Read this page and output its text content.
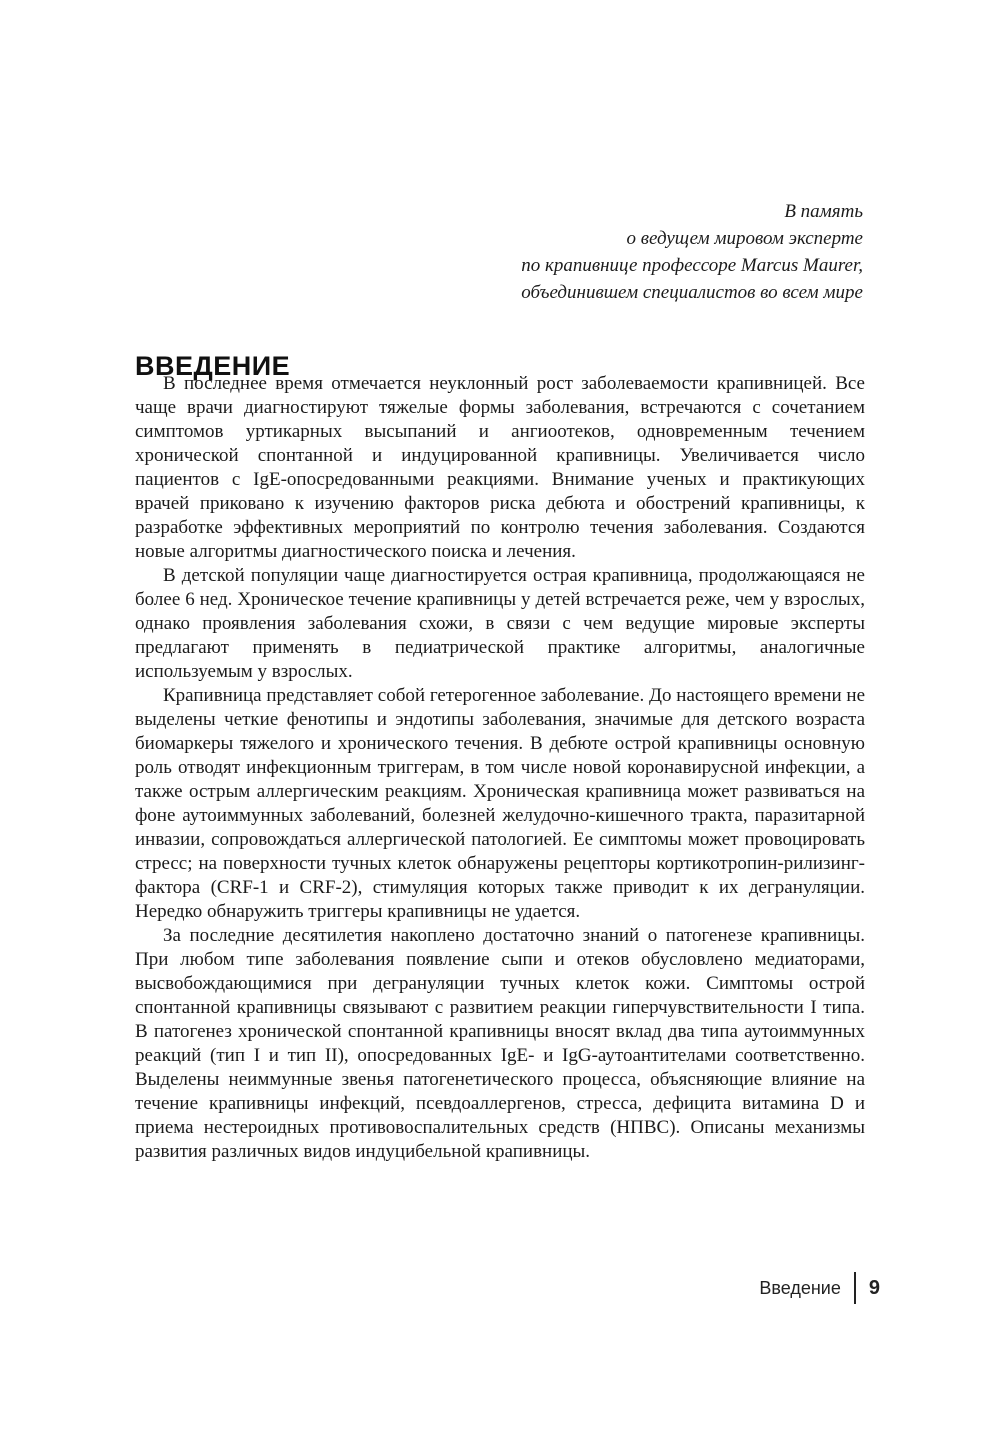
В память
о ведущем мировом эксперте
по крапивнице профессоре Marcus Maurer,
объединившем специалистов во всем мире
ВВЕДЕНИЕ

В последнее время отмечается неуклонный рост заболеваемости крапивницей. Все чаще врачи диагностируют тяжелые формы заболевания, встречаются с сочетанием симптомов уртикарных высыпаний и ангиоотеков, одновременным течением хронической спонтанной и индуцированной крапивницы. Увеличивается число пациентов с IgE-опосредованными реакциями. Внимание ученых и практикующих врачей приковано к изучению факторов риска дебюта и обострений крапивницы, к разработке эффективных мероприятий по контролю течения заболевания. Создаются новые алгоритмы диагностического поиска и лечения.

В детской популяции чаще диагностируется острая крапивница, продолжающаяся не более 6 нед. Хроническое течение крапивницы у детей встречается реже, чем у взрослых, однако проявления заболевания схожи, в связи с чем ведущие мировые эксперты предлагают применять в педиатрической практике алгоритмы, аналогичные используемым у взрослых.

Крапивница представляет собой гетерогенное заболевание. До настоящего времени не выделены четкие фенотипы и эндотипы заболевания, значимые для детского возраста биомаркеры тяжелого и хронического течения. В дебюте острой крапивницы основную роль отводят инфекционным триггерам, в том числе новой коронавирусной инфекции, а также острым аллергическим реакциям. Хроническая крапивница может развиваться на фоне аутоиммунных заболеваний, болезней желудочно-кишечного тракта, паразитарной инвазии, сопровождаться аллергической патологией. Ее симптомы может провоцировать стресс; на поверхности тучных клеток обнаружены рецепторы кортикотропин-рилизинг-фактора (CRF-1 и CRF-2), стимуляция которых также приводит к их дегрануляции. Нередко обнаружить триггеры крапивницы не удается.

За последние десятилетия накоплено достаточно знаний о патогенезе крапивницы. При любом типе заболевания появление сыпи и отеков обусловлено медиаторами, высвобождающимися при дегрануляции тучных клеток кожи. Симптомы острой спонтанной крапивницы связывают с развитием реакции гиперчувствительности I типа. В патогенез хронической спонтанной крапивницы вносят вклад два типа аутоиммунных реакций (тип I и тип II), опосредованных IgE- и IgG-аутоантителами соответственно. Выделены неиммунные звенья патогенетического процесса, объясняющие влияние на течение крапивницы инфекций, псевдоаллергенов, стресса, дефицита витамина D и приема нестероидных противовоспалительных средств (НПВС). Описаны механизмы развития различных видов индуцибельной крапивницы.

Введение 9
